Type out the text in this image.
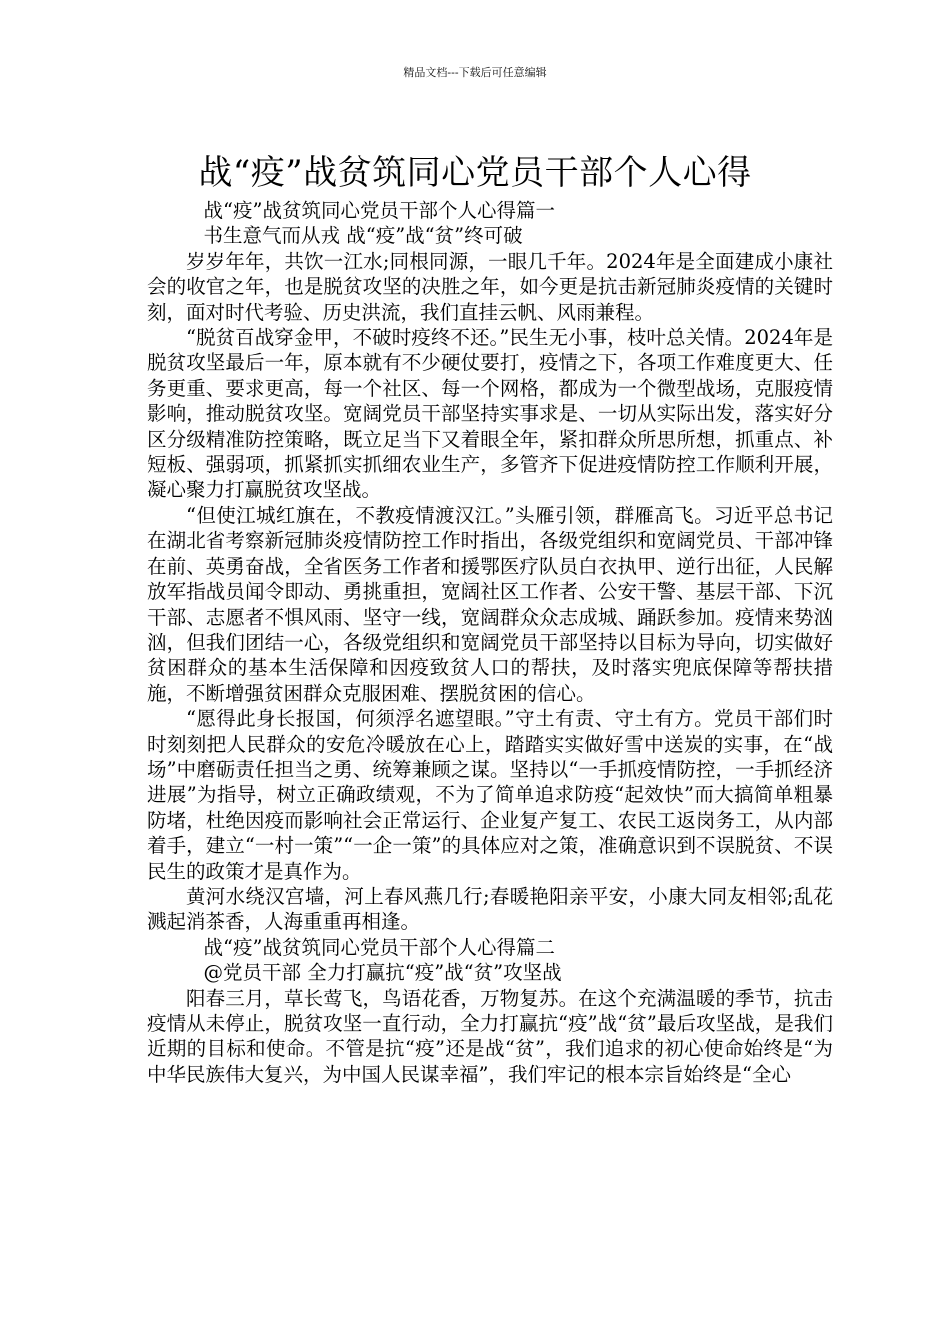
精品文档---下载后可任意编辑
战“疫”战贫筑同心党员干部个人心得

战“疫”战贫筑同心党员干部个人心得篇一

书生意气而从戎 战“疫”战“贫”终可破

岁岁年年，共饮一江水;同根同源，一眼几千年。2024年是全面建成小康社会的收官之年，也是脱贫攻坚的决胜之年，如今更是抗击新冠肺炎疫情的关键时刻，面对时代考验、历史洪流，我们直挂云帆、风雨兼程。

“脱贫百战穿金甲，不破时疫终不还。”民生无小事，枝叶总关情。2024年是脱贫攻坚最后一年，原本就有不少硬仗要打，疫情之下，各项工作难度更大、任务更重、要求更高，每一个社区、每一个网格，都成为一个微型战场，克服疫情影响，推动脱贫攻坚。宽阔党员干部坚持实事求是、一切从实际出发，落实好分区分级精准防控策略，既立足当下又着眼全年，紧扣群众所思所想，抓重点、补短板、强弱项，抓紧抓实抓细农业生产，多管齐下促进疫情防控工作顺利开展，凝心聚力打赢脱贫攻坚战。

“但使江城红旗在，不教疫情渡汉江。”头雁引领，群雁高飞。习近平总书记在湖北省考察新冠肺炎疫情防控工作时指出，各级党组织和宽阔党员、干部冲锋在前、英勇奋战，全省医务工作者和援鄂医疗队员白衣执甲、逆行出征，人民解放军指战员闻令即动、勇挑重担，宽阔社区工作者、公安干警、基层干部、下沉干部、志愿者不惧风雨、坚守一线，宽阔群众众志成城、踊跃参加。疫情来势汹汹，但我们团结一心，各级党组织和宽阔党员干部坚持以目标为导向，切实做好贫困群众的基本生活保障和因疫致贫人口的帮扶，及时落实兜底保障等帮扶措施，不断增强贫困群众克服困难、摆脱贫困的信心。

“愿得此身长报国，何须浮名遮望眼。”守土有责、守土有方。党员干部们时时刻刻把人民群众的安危冷暖放在心上，踏踏实实做好雪中送炭的实事，在“战场”中磨砺责任担当之勇、统筹兼顾之谋。坚持以“一手抓疫情防控，一手抓经济进展”为指导，树立正确政绩观，不为了简单追求防疫“起效快”而大搞简单粗暴防堵，杜绝因疫而影响社会正常运行、企业复产复工、农民工返岗务工，从内部着手，建立“一村一策”“一企一策”的具体应对之策，准确意识到不误脱贫、不误民生的政策才是真作为。

黄河水绕汉宫墙，河上春风燕几行;春暖艳阳亲平安，小康大同友相邻;乱花溅起消茶香，人海重重再相逢。

战“疫”战贫筑同心党员干部个人心得篇二

@党员干部 全力打赢抗“疫”战“贫”攻坚战

阳春三月，草长莺飞，鸟语花香，万物复苏。在这个充满温暖的季节，抗击疫情从未停止，脱贫攻坚一直行动，全力打赢抗“疫”战“贫”最后攻坚战，是我们近期的目标和使命。不管是抗“疫”还是战“贫”，我们追求的初心使命始终是“为中华民族伟大复兴，为中国人民谋幸福”，我们牢记的根本宗旨始终是“全心
